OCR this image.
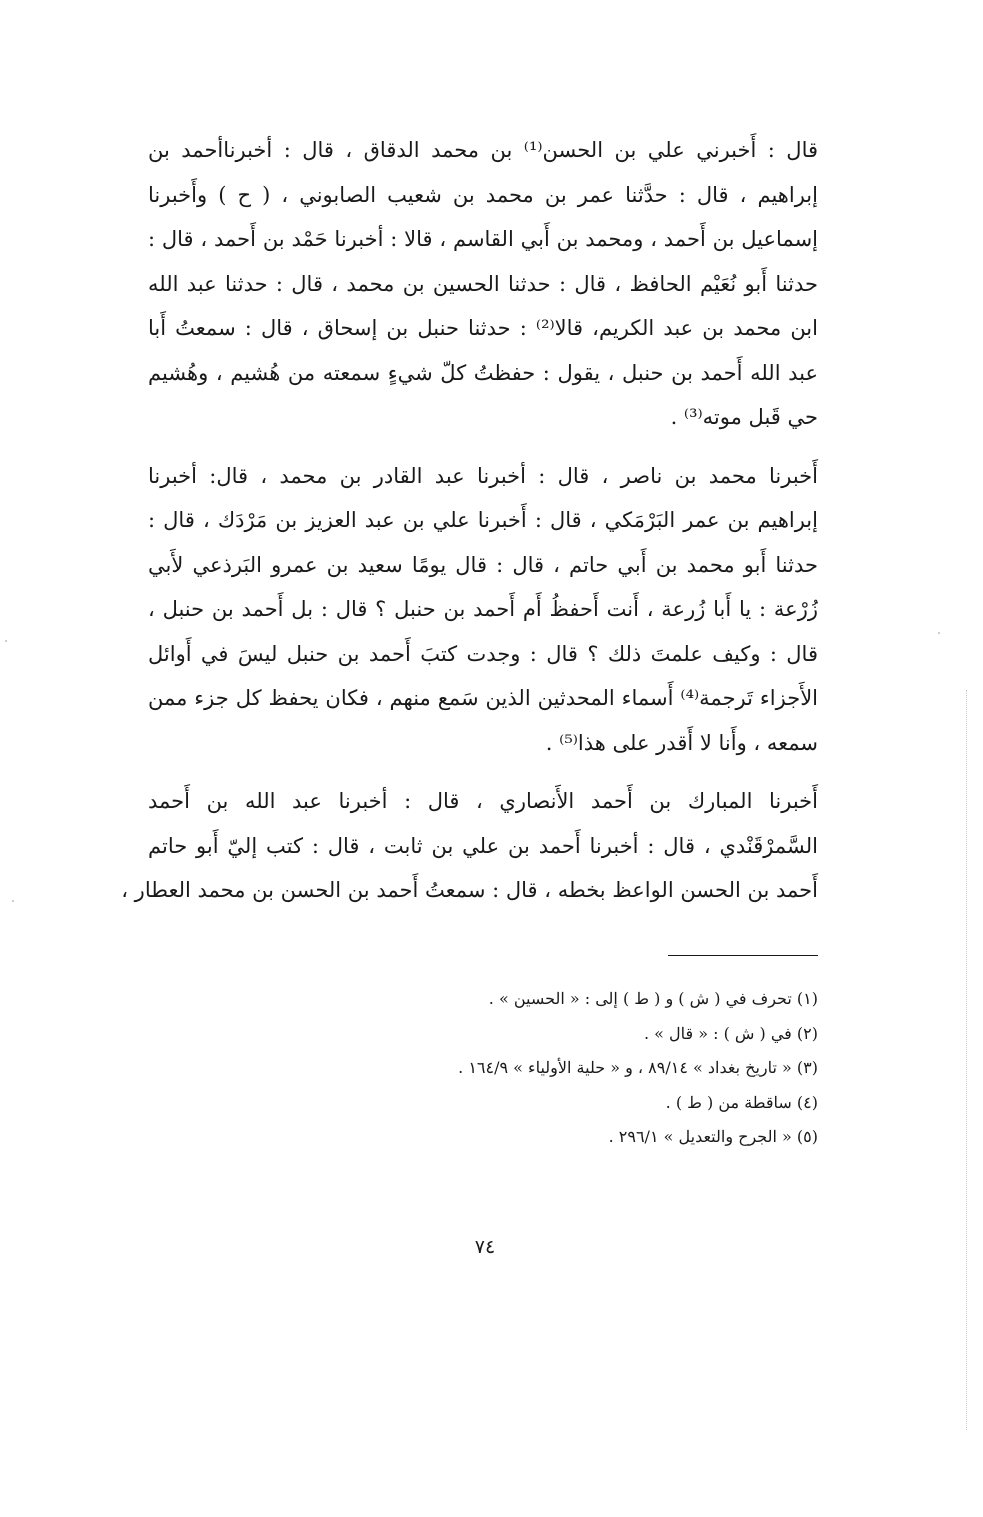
قال : أَخبرني علي بن الحسن⁽¹⁾ بن محمد الدقاق ، قال : أخبرناأحمد بن
إبراهيم ، قال : حدَّثنا عمر بن محمد بن شعيب الصابوني ، ( ح ) وأَخبرنا
إسماعيل بن أَحمد ، ومحمد بن أَبي القاسم ، قالا : أخبرنا حَمْد بن أَحمد ، قال :
حدثنا أَبو نُعَيْم الحافظ ، قال : حدثنا الحسين بن محمد ، قال : حدثنا عبد الله
ابن محمد بن عبد الكريم، قالا⁽²⁾ : حدثنا حنبل بن إسحاق ، قال : سمعتُ أَبا
عبد الله أَحمد بن حنبل ، يقول : حفظتُ كلّ شيءٍ سمعته من هُشيم ، وهُشيم
حي قَبل موته⁽³⁾ .

أَخبرنا محمد بن ناصر ، قال : أخبرنا عبد القادر بن محمد ، قال: أخبرنا
إبراهيم بن عمر البَرْمَكي ، قال : أَخبرنا علي بن عبد العزيز بن مَرْدَك ، قال :
حدثنا أَبو محمد بن أَبي حاتم ، قال : قال يومًا سعيد بن عمرو البَرذعي لأَبي
زُرْعة : يا أَبا زُرعة ، أَنت أَحفظُ أَم أَحمد بن حنبل ؟ قال : بل أَحمد بن حنبل ،
قال : وكيف علمتَ ذلك ؟ قال : وجدت كتبَ أَحمد بن حنبل ليسَ في أَوائل
الأَجزاء تَرجمة⁽⁴⁾ أَسماء المحدثين الذين سَمع منهم ، فكان يحفظ كل جزء ممن
سمعه ، وأَنا لا أَقدر على هذا⁽⁵⁾ .

أَخبرنا المبارك بن أَحمد الأَنصاري ، قال : أخبرنا عبد الله بن أَحمد
السَّمرْقَنْدي ، قال : أخبرنا أَحمد بن علي بن ثابت ، قال : كتب إليّ أَبو حاتم
أَحمد بن الحسن الواعظ بخطه ، قال : سمعتُ أَحمد بن الحسن بن محمد العطار ،

(١) تحرف في ( ش ) و ( ط ) إلى : « الحسين » .
(٢) في ( ش ) : « قال » .
(٣) « تاريخ بغداد » ٨٩/١٤ ، و « حلية الأولياء » ١٦٤/٩ .
(٤) ساقطة من ( ط ) .
(٥) « الجرح والتعديل » ٢٩٦/١ .
٧٤
